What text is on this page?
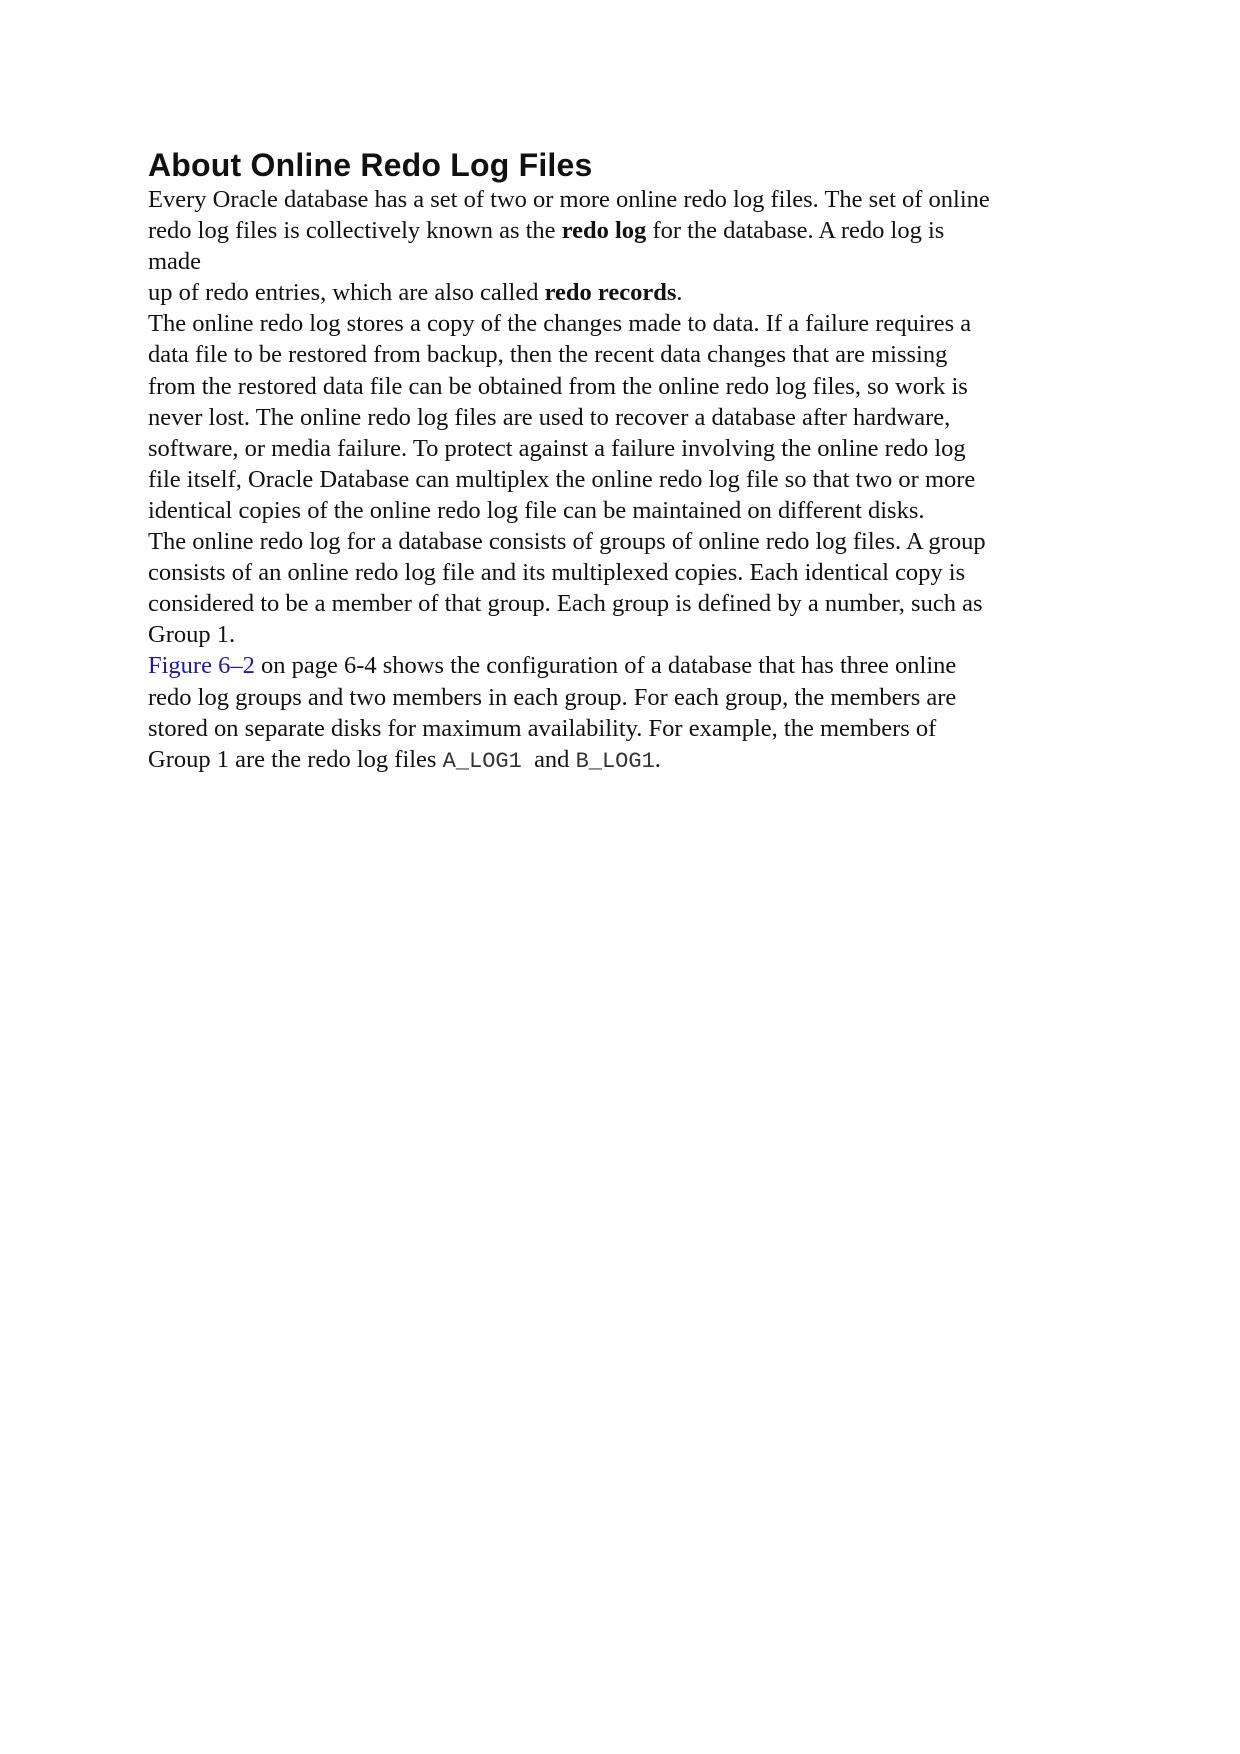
About Online Redo Log Files
Every Oracle database has a set of two or more online redo log files. The set of online
redo log files is collectively known as the redo log for the database. A redo log is
made
up of redo entries, which are also called redo records.
The online redo log stores a copy of the changes made to data. If a failure requires a
data file to be restored from backup, then the recent data changes that are missing
from the restored data file can be obtained from the online redo log files, so work is
never lost. The online redo log files are used to recover a database after hardware,
software, or media failure. To protect against a failure involving the online redo log
file itself, Oracle Database can multiplex the online redo log file so that two or more
identical copies of the online redo log file can be maintained on different disks.
The online redo log for a database consists of groups of online redo log files. A group
consists of an online redo log file and its multiplexed copies. Each identical copy is
considered to be a member of that group. Each group is defined by a number, such as
Group 1.
Figure 6–2 on page 6-4 shows the configuration of a database that has three online
redo log groups and two members in each group. For each group, the members are
stored on separate disks for maximum availability. For example, the members of
Group 1 are the redo log files A_LOG1  and B_LOG1.
